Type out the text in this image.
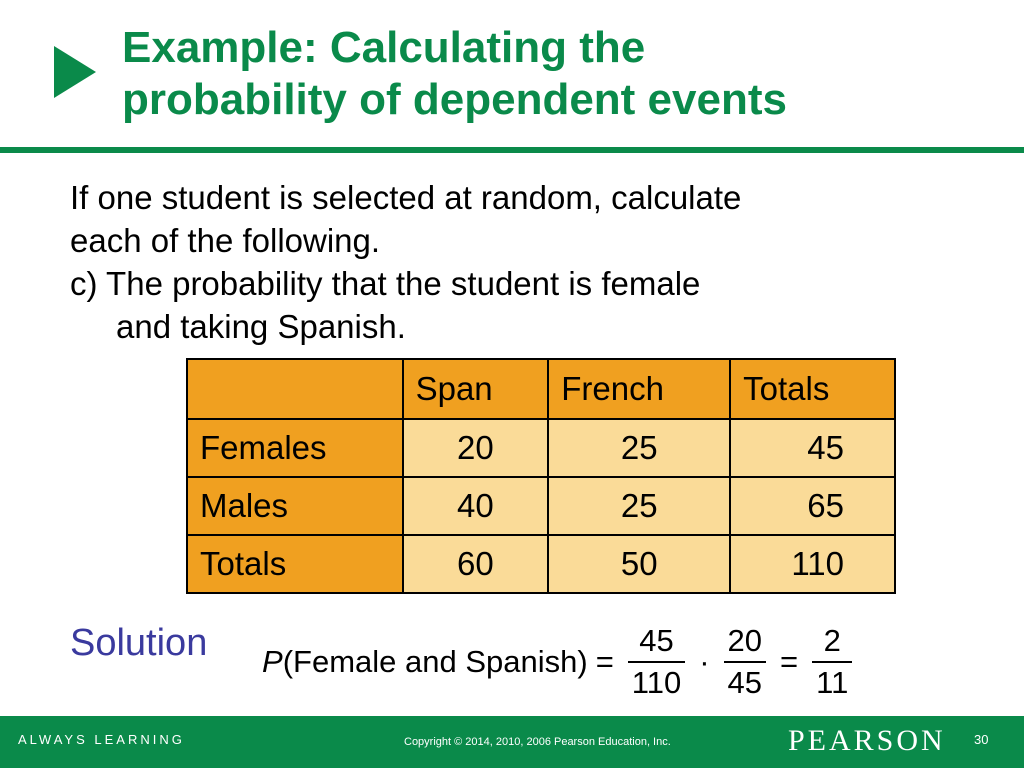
Example: Calculating the
probability of dependent events
If one student is selected at random, calculate
each of the following.

c) The probability that the student is female
and taking Spanish.
	Span	French	Totals
Females	20	25	45
Males	40	25	65
Totals	60	50	110
Solution P (Female and Spanish) = $\frac{45}{110} \cdot \frac{20}{45} = \frac{2}{11}$
ALWAYS LEARNING	Copyright © 2014, 2010, 2006 Pearson Education, Inc.	PEARSON 30
